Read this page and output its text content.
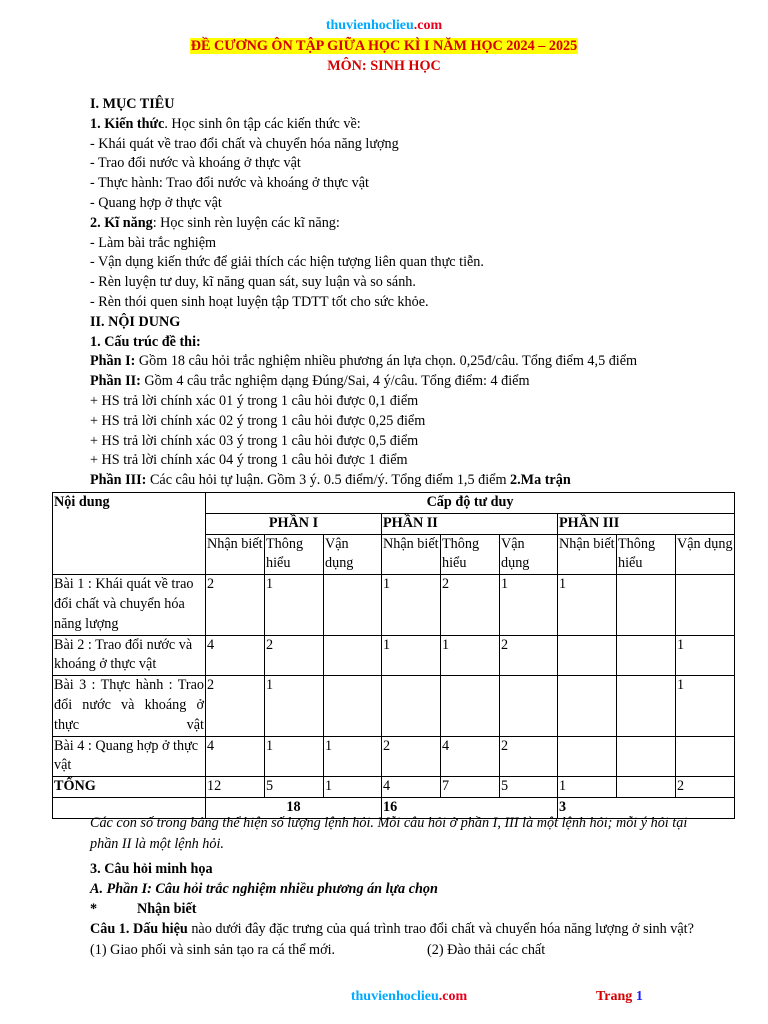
thuvienhoclieu.com
ĐỀ CƯƠNG ÔN TẬP GIỮA HỌC KÌ I NĂM HỌC 2024 – 2025
MÔN: SINH HỌC
I. MỤC TIÊU
1. Kiến thức. Học sinh ôn tập các kiến thức về:
- Khái quát về trao đổi chất và chuyển hóa năng lượng
- Trao đổi nước và khoáng ở thực vật
- Thực hành: Trao đổi nước và khoáng ở thực vật
- Quang hợp ở thực vật
2. Kĩ năng: Học sinh rèn luyện các kĩ năng:
- Làm bài trắc nghiệm
- Vận dụng kiến thức để giải thích các hiện tượng liên quan thực tiễn.
- Rèn luyện tư duy, kĩ năng quan sát, suy luận và so sánh.
- Rèn thói quen sinh hoạt luyện tập TDTT tốt cho sức khỏe.
II. NỘI DUNG
1. Cấu trúc đề thi:
Phần I: Gồm 18 câu hỏi trắc nghiệm nhiều phương án lựa chọn. 0,25đ/câu. Tổng điểm 4,5 điểm
Phần II: Gồm 4 câu trắc nghiệm dạng Đúng/Sai, 4 ý/câu. Tổng điểm: 4 điểm
+ HS trả lời chính xác 01 ý trong 1 câu hỏi được 0,1 điểm
+ HS trả lời chính xác 02 ý trong 1 câu hỏi được 0,25 điểm
+ HS trả lời chính xác 03 ý trong 1 câu hỏi được 0,5 điểm
+ HS trả lời chính xác 04 ý trong 1 câu hỏi được 1 điểm
Phần III: Các câu hỏi tự luận. Gồm 3 ý. 0.5 điểm/ý. Tổng điểm 1,5 điểm 2.Ma trận
Nội dung	Cấp độ tư duy								
	PHẦN I			PHẦN II			PHẦN III		
	Nhận biết	Thông hiểu	Vận dụng	Nhận biết	Thông hiểu	Vận dụng	Nhận biết	Thông hiểu	Vận dụng
Bài 1 : Khái quát về trao đổi chất và chuyển hóa năng lượng	2	1		1	2	1	1		
Bài 2 : Trao đổi nước và khoáng ở thực vật	4	2		1	1	2			1
Bài 3 : Thực hành : Trao đổi nước và khoáng ở thực vật	2	1							1
Bài 4 : Quang hợp ở thực vật	4	1	1	2	4	2			
TỔNG	12	5	1	4	7	5	1		2
	18			16			3		
Các con số trong bảng thể hiện số lượng lệnh hỏi. Mỗi câu hỏi ở phần I, III là một lệnh hỏi; mỗi ý hỏi tại phần II là một lệnh hỏi.
3. Câu hỏi minh họa
A. Phần I: Câu hỏi trắc nghiệm nhiều phương án lựa chọn
*	Nhận biết
Câu 1. Dấu hiệu nào dưới đây đặc trưng của quá trình trao đổi chất và chuyển hóa năng lượng ở sinh vật?
(1) Giao phối và sinh sản tạo ra cá thể mới.	(2) Đào thải các chất
thuvienhoclieu.com	Trang 1
